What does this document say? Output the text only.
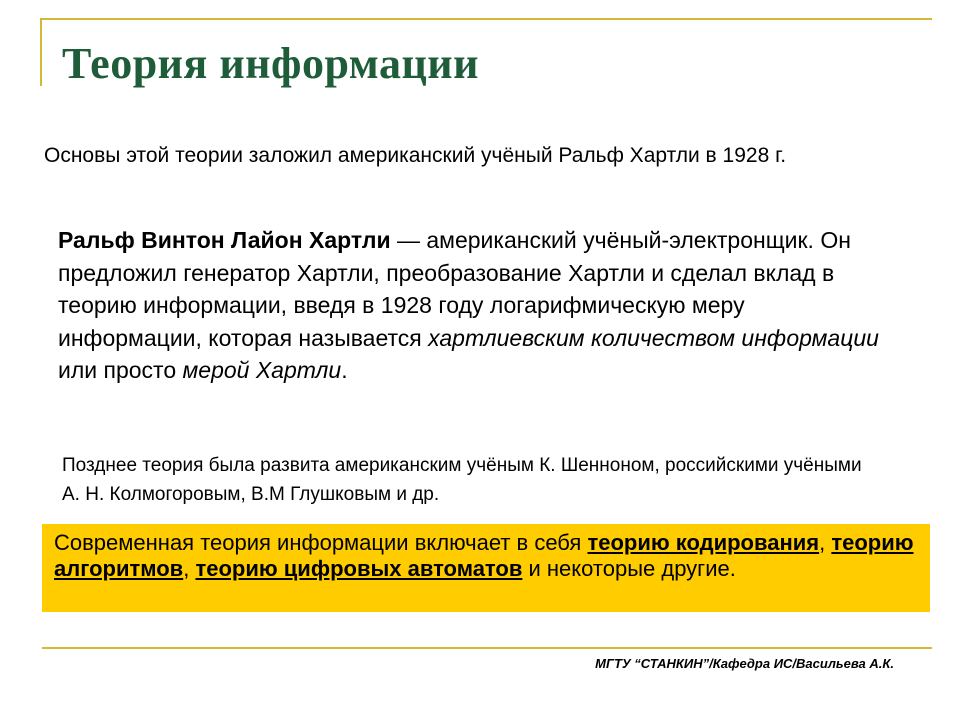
Теория информации

Основы этой теории заложил американский учёный Ральф Хартли в 1928 г.

Ральф Винтон Лайон Хартли — американский учёный-электронщик. Он предложил генератор Хартли, преобразование Хартли и сделал вклад в теорию информации, введя в 1928 году логарифмическую меру информации, которая называется хартлиевским количеством информации или просто мерой Хартли.

Позднее теория была развита американским учёным К. Шенноном, российскими учёными А. Н. Колмогоровым, В.М Глушковым и др.

Современная теория информации включает в себя теорию кодирования, теорию алгоритмов, теорию цифровых автоматов и некоторые другие.

МГТУ “СТАНКИН”/Кафедра ИС/Васильева А.К.
